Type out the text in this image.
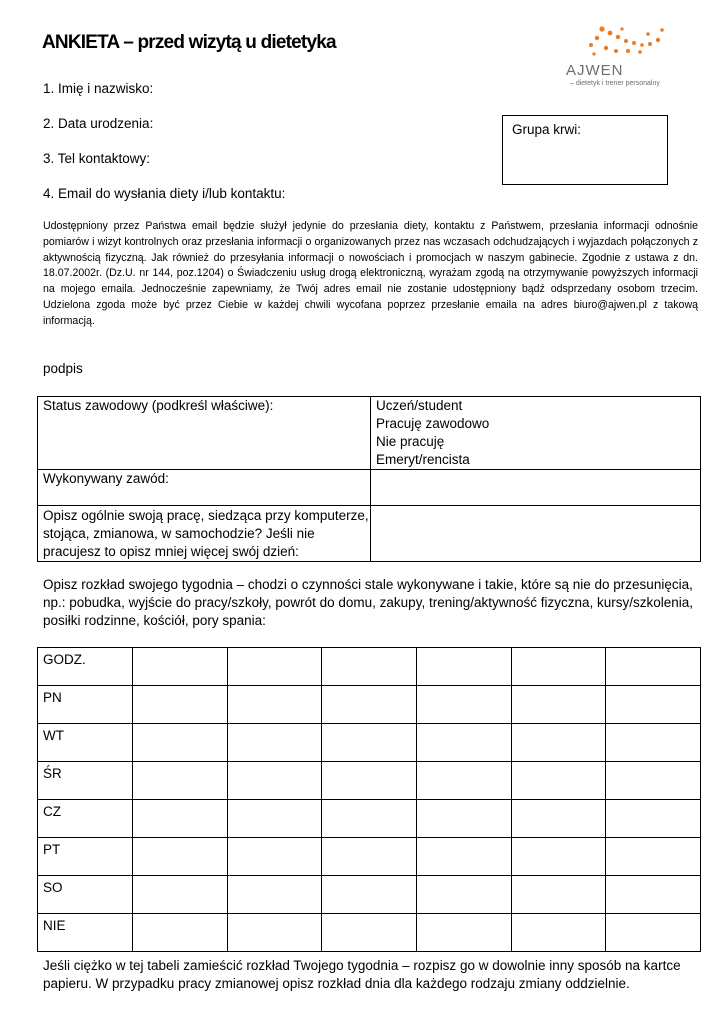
ANKIETA – przed wizytą u dietetyka
AJWEN
– dietetyk i trener personalny
1. Imię i nazwisko:
2. Data urodzenia:
3. Tel kontaktowy:
4. Email do wysłania diety i/lub kontaktu:
Grupa krwi:
Udostępniony przez Państwa email będzie służył jedynie do przesłania diety, kontaktu z Państwem, przesłania informacji odnośnie pomiarów i wizyt kontrolnych oraz przesłania informacji o organizowanych przez nas wczasach odchudzających i wyjazdach połączonych z aktywnością fizyczną. Jak również do przesyłania informacji o nowościach i promocjach w naszym gabinecie. Zgodnie z ustawa z dn. 18.07.2002r. (Dz.U. nr 144, poz.1204) o Świadczeniu usług drogą elektroniczną, wyrażam zgodą na otrzymywanie powyższych informacji na mojego emaila. Jednocześnie zapewniamy, że Twój adres email nie zostanie udostępniony bądź odsprzedany osobom trzecim. Udzielona zgoda może być przez Ciebie w każdej chwili wycofana poprzez przesłanie emaila na adres biuro@ajwen.pl z takową informacją.
podpis
Status zawodowy (podkreśl właściwe):	Uczeń/student
Pracuję zawodowo
Nie pracuję
Emeryt/rencista

Wykonywany zawód:	
Opisz ogólnie swoją pracę, siedząca przy komputerze, stojąca, zmianowa, w samochodzie? Jeśli nie pracujesz to opisz mniej więcej swój dzień:	
Opisz rozkład swojego tygodnia – chodzi o czynności stale wykonywane i takie, które są nie do przesunięcia, np.: pobudka, wyjście do pracy/szkoły, powrót do domu, zakupy, trening/aktywność fizyczna, kursy/szkolenia, posiłki rodzinne, kościół, pory spania:
GODZ.						
PN						
WT						
ŚR						
CZ						
PT						
SO						
NIE						
Jeśli ciężko w tej tabeli zamieścić rozkład Twojego tygodnia – rozpisz go w dowolnie inny sposób na kartce papieru. W przypadku pracy zmianowej opisz rozkład dnia dla każdego rodzaju zmiany oddzielnie.
